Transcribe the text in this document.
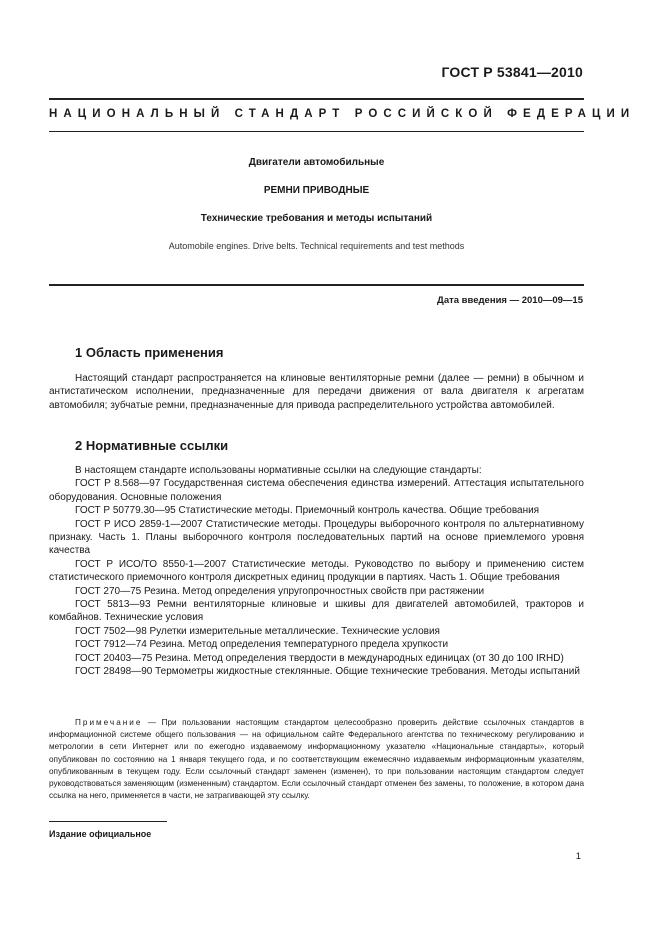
ГОСТ Р 53841—2010
НАЦИОНАЛЬНЫЙ СТАНДАРТ РОССИЙСКОЙ ФЕДЕРАЦИИ
Двигатели автомобильные
РЕМНИ ПРИВОДНЫЕ
Технические требования и методы испытаний
Automobile engines. Drive belts. Technical requirements and test methods
Дата введения — 2010—09—15
1 Область применения

Настоящий стандарт распространяется на клиновые вентиляторные ремни (далее — ремни) в обычном и антистатическом исполнении, предназначенные для передачи движения от вала двигателя к агрегатам автомобиля; зубчатые ремни, предназначенные для привода распределительного устройства автомобилей.

2 Нормативные ссылки

В настоящем стандарте использованы нормативные ссылки на следующие стандарты:

ГОСТ Р 8.568—97 Государственная система обеспечения единства измерений. Аттестация испытательного оборудования. Основные положения

ГОСТ Р 50779.30—95 Статистические методы. Приемочный контроль качества. Общие требования

ГОСТ Р ИСО 2859-1—2007 Статистические методы. Процедуры выборочного контроля по альтернативному признаку. Часть 1. Планы выборочного контроля последовательных партий на основе приемлемого уровня качества

ГОСТ Р ИСО/ТО 8550-1—2007 Статистические методы. Руководство по выбору и применению систем статистического приемочного контроля дискретных единиц продукции в партиях. Часть 1. Общие требования

ГОСТ 270—75 Резина. Метод определения упругопрочностных свойств при растяжении

ГОСТ 5813—93 Ремни вентиляторные клиновые и шкивы для двигателей автомобилей, тракторов и комбайнов. Технические условия

ГОСТ 7502—98 Рулетки измерительные металлические. Технические условия

ГОСТ 7912—74 Резина. Метод определения температурного предела хрупкости

ГОСТ 20403—75 Резина. Метод определения твердости в международных единицах (от 30 до 100 IRHD)

ГОСТ 28498—90 Термометры жидкостные стеклянные. Общие технические требования. Методы испытаний

Примечание — При пользовании настоящим стандартом целесообразно проверить действие ссылочных стандартов в информационной системе общего пользования — на официальном сайте Федерального агентства по техническому регулированию и метрологии в сети Интернет или по ежегодно издаваемому информационному указателю «Национальные стандарты», который опубликован по состоянию на 1 января текущего года, и по соответствующим ежемесячно издаваемым информационным указателям, опубликованным в текущем году. Если ссылочный стандарт заменен (изменен), то при пользовании настоящим стандартом следует руководствоваться заменяющим (измененным) стандартом. Если ссылочный стандарт отменен без замены, то положение, в котором дана ссылка на него, применяется в части, не затрагивающей эту ссылку.
Издание официальное
1
